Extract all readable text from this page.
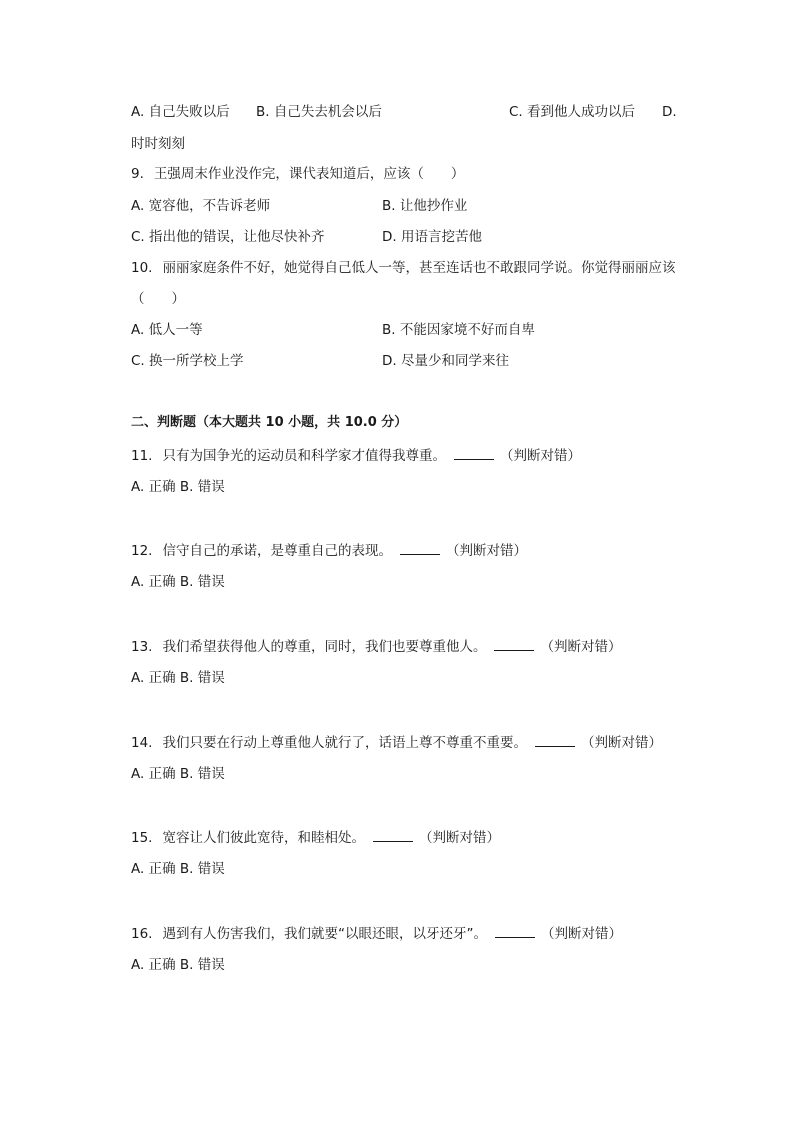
A. 自己失败以后 B. 自己失去机会以后	C. 看到他人成功以后 D.
时时刻刻
9. 王强周末作业没作完，课代表知道后，应该（　　）
A. 宽容他，不告诉老师	B. 让他抄作业
C. 指出他的错误，让他尽快补齐	D. 用语言挖苦他
10. 丽丽家庭条件不好，她觉得自己低人一等，甚至连话也不敢跟同学说。你觉得丽丽应该
（　　）
A. 低人一等	B. 不能因家境不好而自卑
C. 换一所学校上学	D. 尽量少和同学来往
二、判断题（本大题共 10 小题，共 10.0 分）
11. 只有为国争光的运动员和科学家才值得我尊重。	（判断对错）
A. 正确 B. 错误
12. 信守自己的承诺，是尊重自己的表现。	（判断对错）
A. 正确 B. 错误
13. 我们希望获得他人的尊重，同时，我们也要尊重他人。	（判断对错）
A. 正确 B. 错误
14. 我们只要在行动上尊重他人就行了，话语上尊不尊重不重要。	（判断对错）
A. 正确 B. 错误
15. 宽容让人们彼此宽待，和睦相处。	（判断对错）
A. 正确 B. 错误
16. 遇到有人伤害我们，我们就要“以眼还眼，以牙还牙”。	（判断对错）
A. 正确 B. 错误
